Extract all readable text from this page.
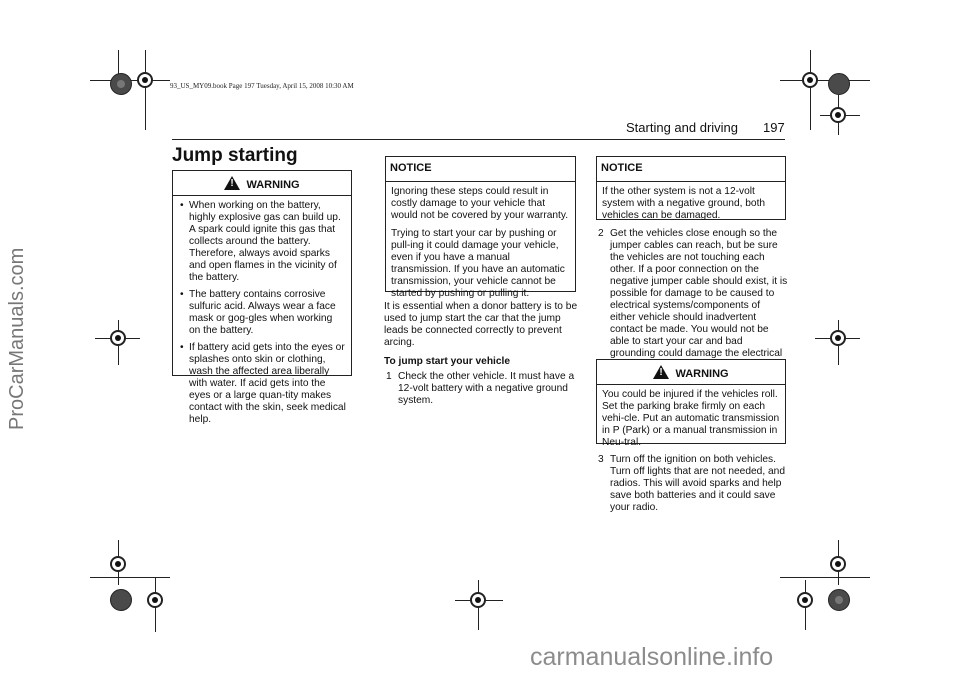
93_US_MY09.book Page 197 Tuesday, April 15, 2008 10:30 AM
Starting and driving 197
Jump starting
! WARNING
• When working on the battery, highly explosive gas can build up. A spark could ignite this gas that collects around the battery. Therefore, always avoid sparks and open flames in the vicinity of the battery.
• The battery contains corrosive sulfuric acid. Always wear a face mask or gog-gles when working on the battery.
• If battery acid gets into the eyes or splashes onto skin or clothing, wash the affected area liberally with water. If acid gets into the eyes or a large quan-tity makes contact with the skin, seek medical help.
NOTICE

Ignoring these steps could result in costly damage to your vehicle that would not be covered by your warranty.

Trying to start your car by pushing or pull-ing it could damage your vehicle, even if you have a manual transmission. If you have an automatic transmission, your vehicle cannot be started by pushing or pulling it.

It is essential when a donor battery is to be used to jump start the car that the jump leads be connected correctly to prevent arcing.

To jump start your vehicle

1 Check the other vehicle. It must have a 12-volt battery with a negative ground system.
NOTICE

If the other system is not a 12-volt system with a negative ground, both vehicles can be damaged.

2 Get the vehicles close enough so the jumper cables can reach, but be sure the vehicles are not touching each other. If a poor connection on the negative jumper cable should exist, it is possible for damage to be caused to electrical systems/components of either vehicle should inadvertent contact be made. You would not be able to start your car and bad grounding could damage the electrical
! WARNING

You could be injured if the vehicles roll. Set the parking brake firmly on each vehi-cle. Put an automatic transmission in P (Park) or a manual transmission in Neu-tral.

3 Turn off the ignition on both vehicles. Turn off lights that are not needed, and radios. This will avoid sparks and help save both batteries and it could save your radio.
ProCarManuals.com
carmanualsonline.info
